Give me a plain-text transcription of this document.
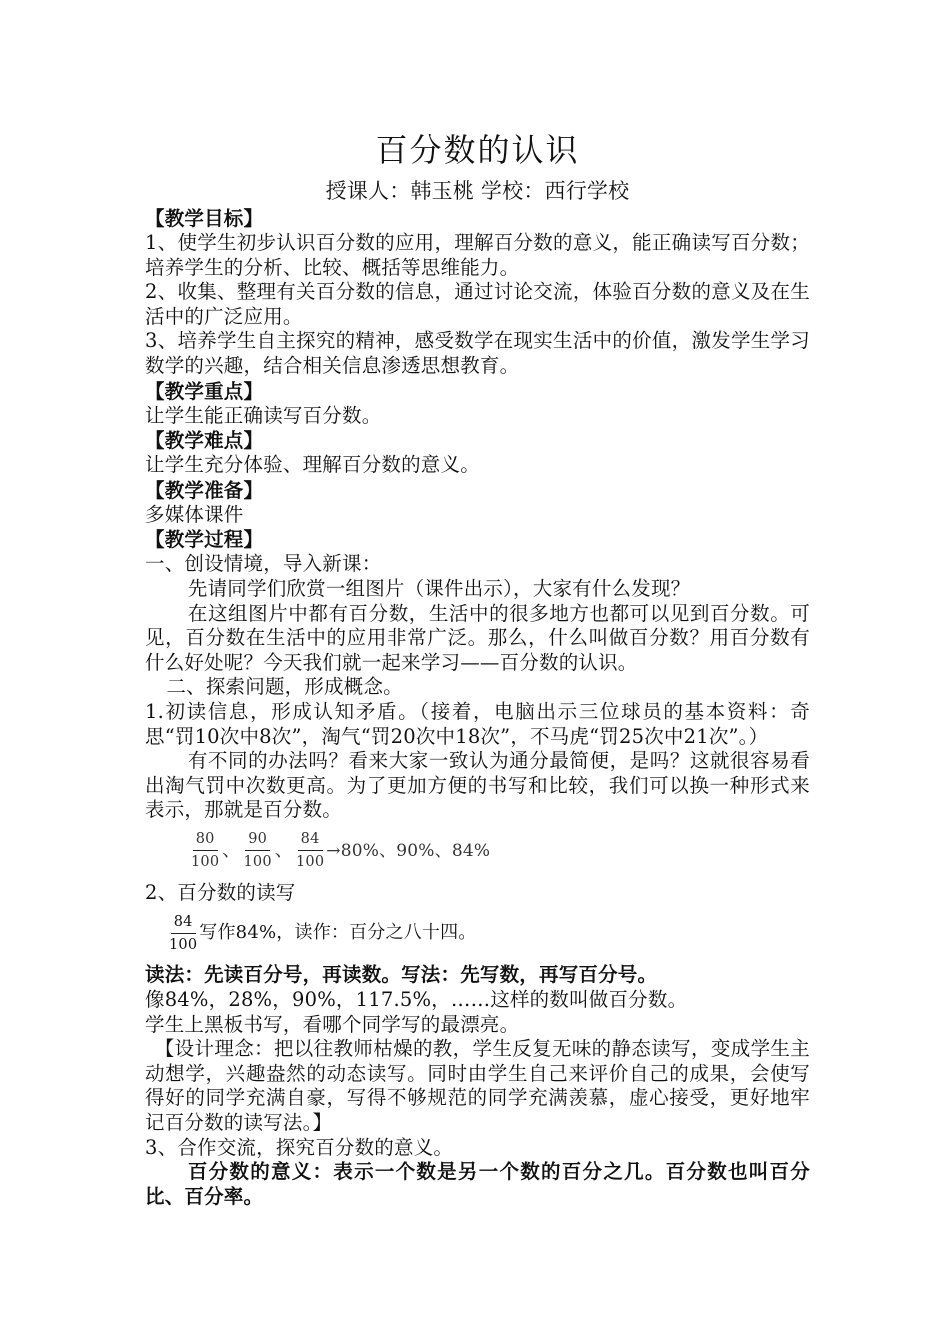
百分数的认识
授课人：韩玉桃 学校：西行学校
【教学目标】

1、使学生初步认识百分数的应用，理解百分数的意义，能正确读写百分数；培养学生的分析、比较、概括等思维能力。

2、收集、整理有关百分数的信息，通过讨论交流，体验百分数的意义及在生活中的广泛应用。

3、培养学生自主探究的精神，感受数学在现实生活中的价值，激发学生学习数学的兴趣，结合相关信息渗透思想教育。

【教学重点】

让学生能正确读写百分数。

【教学难点】

让学生充分体验、理解百分数的意义。

【教学准备】

多媒体课件

【教学过程】

一、创设情境，导入新课：

先请同学们欣赏一组图片（课件出示），大家有什么发现？

在这组图片中都有百分数，生活中的很多地方也都可以见到百分数。可见，百分数在生活中的应用非常广泛。那么，什么叫做百分数？用百分数有什么好处呢？今天我们就一起来学习——百分数的认识。

二、探索问题，形成概念。

1.初读信息，形成认知矛盾。（接着，电脑出示三位球员的基本资料：奇思“罚10次中8次”，淘气“罚20次中18次”，不马虎“罚25次中21次”。）

有不同的办法吗？看来大家一致认为通分最简便，是吗？这就很容易看出淘气罚中次数更高。为了更加方便的书写和比较，我们可以换一种形式来表示，那就是百分数。

$\frac{80}{100}$ 、 $\frac{90}{100}$ 、 $\frac{84}{100} \to 80\%$、90%、84%

2、百分数的读写

$\frac{84}{100}$ 写作84%，读作：百分之八十四。

读法：先读百分号，再读数。写法：先写数，再写百分号。

像84%，28%，90%，117.5%，……这样的数叫做百分数。

学生上黑板书写，看哪个同学写的最漂亮。

【设计理念：把以往教师枯燥的教，学生反复无味的静态读写，变成学生主动想学，兴趣盎然的动态读写。同时由学生自己来评价自己的成果，会使写得好的同学充满自豪，写得不够规范的同学充满羡慕，虚心接受，更好地牢记百分数的读写法。】

3、合作交流，探究百分数的意义。

百分数的意义：表示一个数是另一个数的百分之几。百分数也叫百分比、百分率。
